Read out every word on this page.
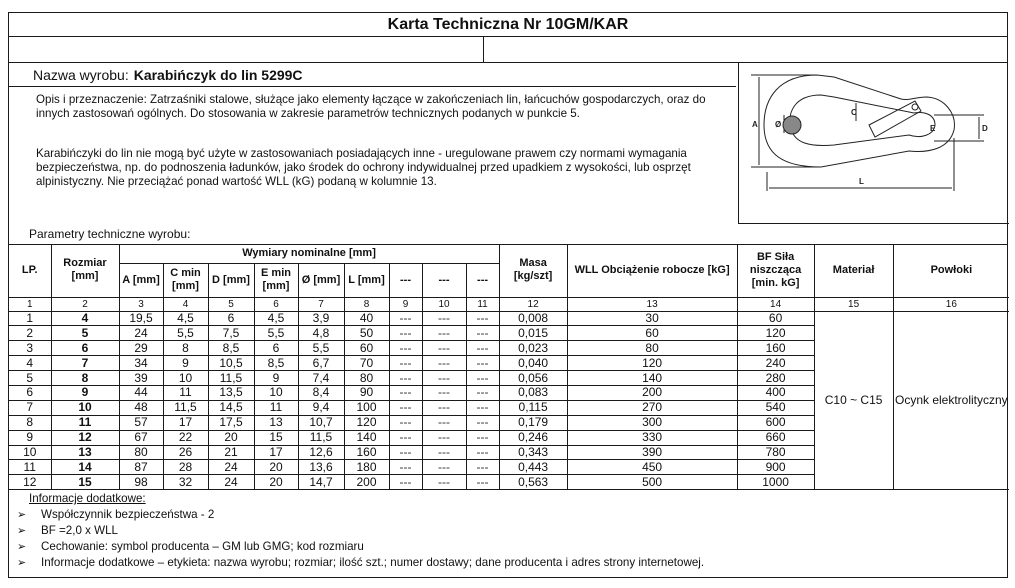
Karta Techniczna Nr 10GM/KAR
Nazwa wyrobu: Karabińczyk do lin 5299C

Opis i przeznaczenie: Zatrzaśniki stalowe, służące jako elementy łączące w zakończeniach lin, łańcuchów gospodarczych, oraz do innych zastosowań ogólnych. Do stosowania w zakresie parametrów technicznych podanych w punkcie 5.

Karabińczyki do lin nie mogą być użyte w zastosowaniach posiadających inne - uregulowane prawem czy normami wymagania bezpieczeństwa, np. do podnoszenia ładunków, jako środek do ochrony indywidualnej przed upadkiem z wysokości, lub osprzęt alpinistyczny. Nie przeciążać ponad wartość WLL (kG) podaną w kolumnie 13.

A Ø
C
E	D
L
Parametry techniczne wyrobu:
LP.	Rozmiar [mm]	Wymiary nominalne [mm]									Masa [kg/szt]	WLL Obciążenie robocze [kG]	BF Siła niszcząca [min. kG]	Materiał	Powłoki
		A [mm]	C min [mm]	D [mm]	E min [mm]	Ø [mm]	L [mm]	---	---	---					
1	2	3	4	5	6	7	8	9	10	11	12	13	14	15	16
1	4	19,5	4,5	6	4,5	3,9	40	---	---	---	0,008	30	60	C10 ~ C15	Ocynk elektrolityczny
2	5	24	5,5	7,5	5,5	4,8	50	---	---	---	0,015	60	120		
3	6	29	8	8,5	6	5,5	60	---	---	---	0,023	80	160		
4	7	34	9	10,5	8,5	6,7	70	---	---	---	0,040	120	240		
5	8	39	10	11,5	9	7,4	80	---	---	---	0,056	140	280		
6	9	44	11	13,5	10	8,4	90	---	---	---	0,083	200	400		
7	10	48	11,5	14,5	11	9,4	100	---	---	---	0,115	270	540		
8	11	57	17	17,5	13	10,7	120	---	---	---	0,179	300	600		
9	12	67	22	20	15	11,5	140	---	---	---	0,246	330	660		
10	13	80	26	21	17	12,6	160	---	---	---	0,343	390	780		
11	14	87	28	24	20	13,6	180	---	---	---	0,443	450	900		
12	15	98	32	24	20	14,7	200	---	---	---	0,563	500	1000		
Informacje dodatkowe:
➢ Współczynnik bezpieczeństwa - 2
➢ BF =2,0 x WLL
➢ Cechowanie: symbol producenta – GM lub GMG; kod rozmiaru
➢ Informacje dodatkowe – etykieta: nazwa wyrobu; rozmiar; ilość szt.; numer dostawy; dane producenta i adres strony internetowej.
